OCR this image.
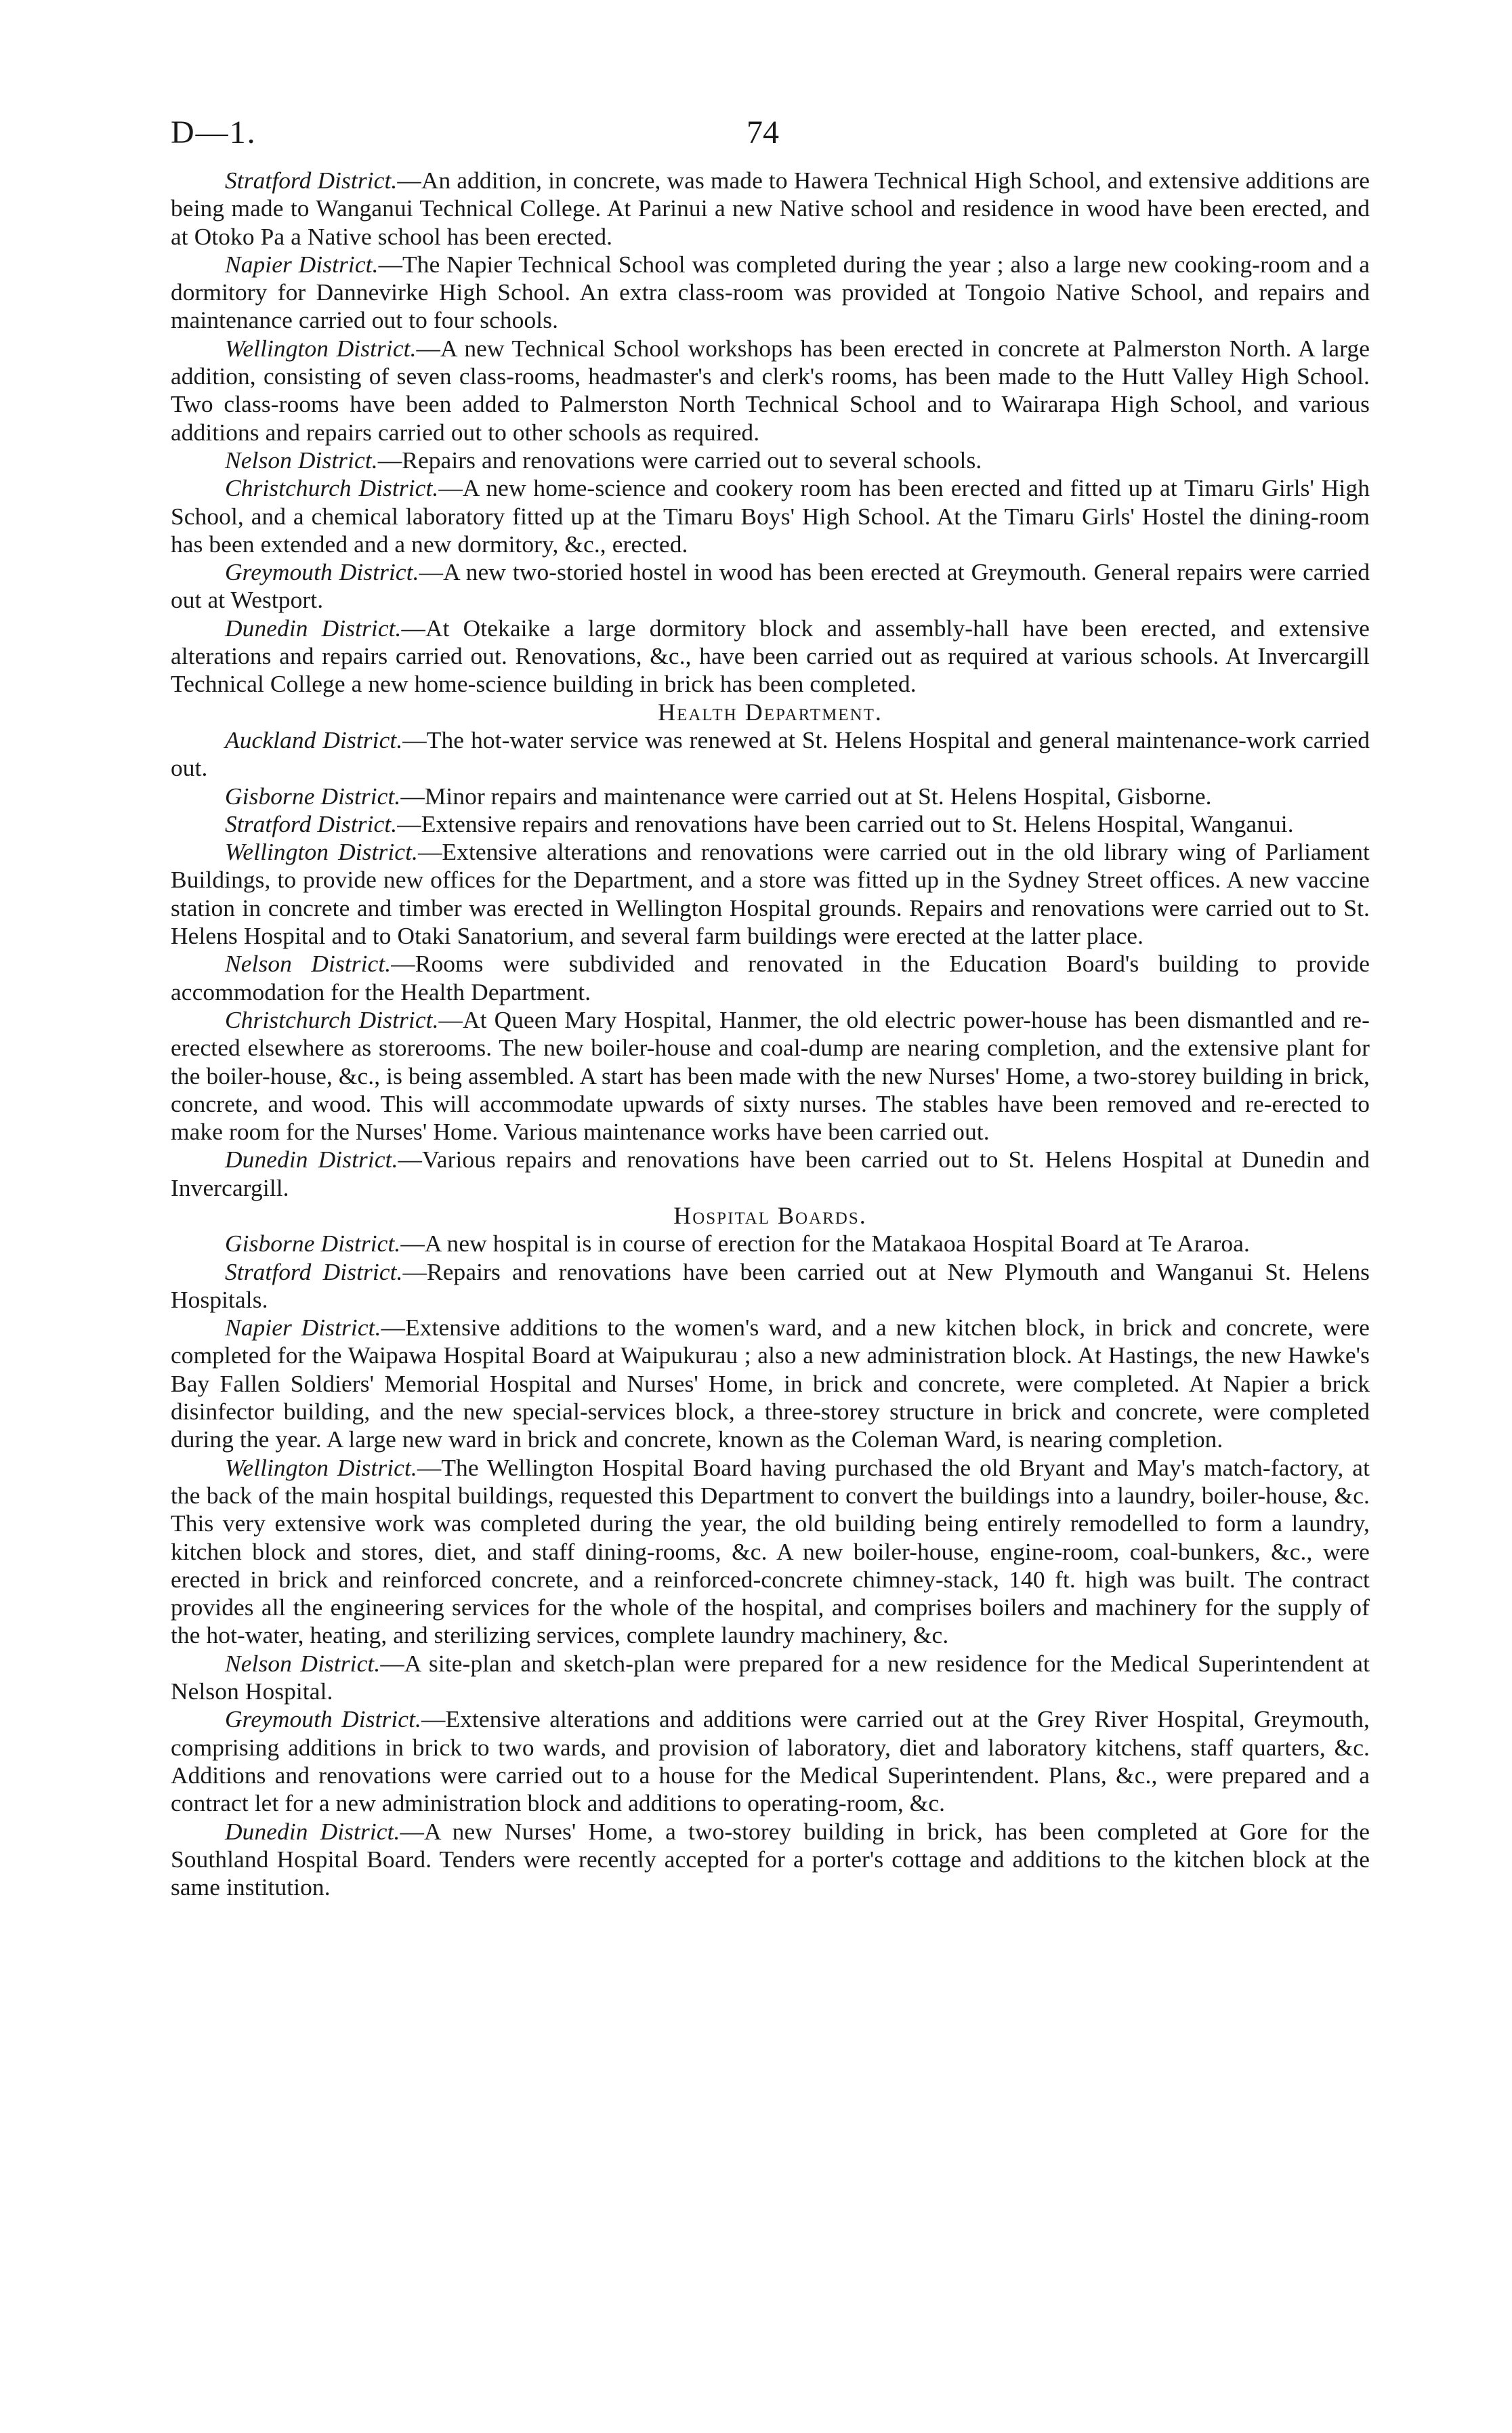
D—1.	74

Stratford District.—An addition, in concrete, was made to Hawera Technical High School, and extensive additions are being made to Wanganui Technical College. At Parinui a new Native school and residence in wood have been erected, and at Otoko Pa a Native school has been erected.

Napier District.—The Napier Technical School was completed during the year ; also a large new cooking-room and a dormitory for Dannevirke High School. An extra class-room was provided at Tongoio Native School, and repairs and maintenance carried out to four schools.

Wellington District.—A new Technical School workshops has been erected in concrete at Palmerston North. A large addition, consisting of seven class-rooms, headmaster's and clerk's rooms, has been made to the Hutt Valley High School. Two class-rooms have been added to Palmerston North Technical School and to Wairarapa High School, and various additions and repairs carried out to other schools as required.

Nelson District.—Repairs and renovations were carried out to several schools.

Christchurch District.—A new home-science and cookery room has been erected and fitted up at Timaru Girls' High School, and a chemical laboratory fitted up at the Timaru Boys' High School. At the Timaru Girls' Hostel the dining-room has been extended and a new dormitory, &c., erected.

Greymouth District.—A new two-storied hostel in wood has been erected at Greymouth. General repairs were carried out at Westport.

Dunedin District.—At Otekaike a large dormitory block and assembly-hall have been erected, and extensive alterations and repairs carried out. Renovations, &c., have been carried out as required at various schools. At Invercargill Technical College a new home-science building in brick has been completed.

Health Department.

Auckland District.—The hot-water service was renewed at St. Helens Hospital and general maintenance-work carried out.

Gisborne District.—Minor repairs and maintenance were carried out at St. Helens Hospital, Gisborne.

Stratford District.—Extensive repairs and renovations have been carried out to St. Helens Hospital, Wanganui.

Wellington District.—Extensive alterations and renovations were carried out in the old library wing of Parliament Buildings, to provide new offices for the Department, and a store was fitted up in the Sydney Street offices. A new vaccine station in concrete and timber was erected in Wellington Hospital grounds. Repairs and renovations were carried out to St. Helens Hospital and to Otaki Sanatorium, and several farm buildings were erected at the latter place.

Nelson District.—Rooms were subdivided and renovated in the Education Board's building to provide accommodation for the Health Department.

Christchurch District.—At Queen Mary Hospital, Hanmer, the old electric power-house has been dismantled and re-erected elsewhere as storerooms. The new boiler-house and coal-dump are nearing completion, and the extensive plant for the boiler-house, &c., is being assembled. A start has been made with the new Nurses' Home, a two-storey building in brick, concrete, and wood. This will accommodate upwards of sixty nurses. The stables have been removed and re-erected to make room for the Nurses' Home. Various maintenance works have been carried out.

Dunedin District.—Various repairs and renovations have been carried out to St. Helens Hospital at Dunedin and Invercargill.

Hospital Boards.

Gisborne District.—A new hospital is in course of erection for the Matakaoa Hospital Board at Te Araroa.

Stratford District.—Repairs and renovations have been carried out at New Plymouth and Wanganui St. Helens Hospitals.

Napier District.—Extensive additions to the women's ward, and a new kitchen block, in brick and concrete, were completed for the Waipawa Hospital Board at Waipukurau ; also a new administration block. At Hastings, the new Hawke's Bay Fallen Soldiers' Memorial Hospital and Nurses' Home, in brick and concrete, were completed. At Napier a brick disinfector building, and the new special-services block, a three-storey structure in brick and concrete, were completed during the year. A large new ward in brick and concrete, known as the Coleman Ward, is nearing completion.

Wellington District.—The Wellington Hospital Board having purchased the old Bryant and May's match-factory, at the back of the main hospital buildings, requested this Department to convert the buildings into a laundry, boiler-house, &c. This very extensive work was completed during the year, the old building being entirely remodelled to form a laundry, kitchen block and stores, diet, and staff dining-rooms, &c. A new boiler-house, engine-room, coal-bunkers, &c., were erected in brick and reinforced concrete, and a reinforced-concrete chimney-stack, 140 ft. high was built. The contract provides all the engineering services for the whole of the hospital, and comprises boilers and machinery for the supply of the hot-water, heating, and sterilizing services, complete laundry machinery, &c.

Nelson District.—A site-plan and sketch-plan were prepared for a new residence for the Medical Superintendent at Nelson Hospital.

Greymouth District.—Extensive alterations and additions were carried out at the Grey River Hospital, Greymouth, comprising additions in brick to two wards, and provision of laboratory, diet and laboratory kitchens, staff quarters, &c. Additions and renovations were carried out to a house for the Medical Superintendent. Plans, &c., were prepared and a contract let for a new administration block and additions to operating-room, &c.

Dunedin District.—A new Nurses' Home, a two-storey building in brick, has been completed at Gore for the Southland Hospital Board. Tenders were recently accepted for a porter's cottage and additions to the kitchen block at the same institution.
